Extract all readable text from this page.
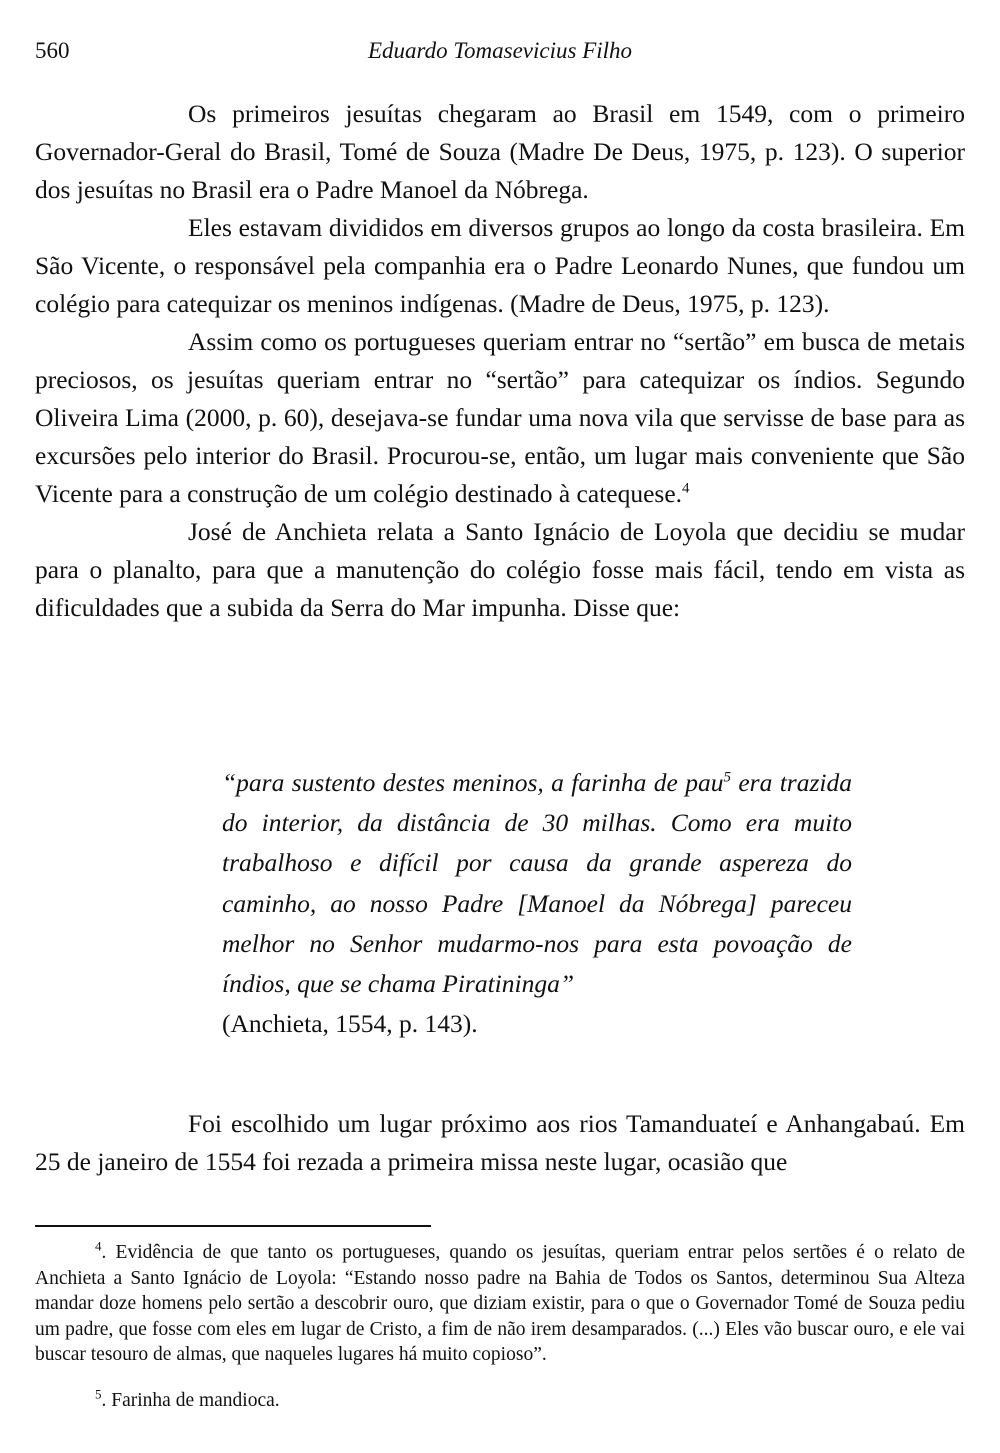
560	Eduardo Tomasevicius Filho

Os primeiros jesuítas chegaram ao Brasil em 1549, com o primeiro Governador-Geral do Brasil, Tomé de Souza (Madre De Deus, 1975, p. 123). O superior dos jesuítas no Brasil era o Padre Manoel da Nóbrega.

Eles estavam divididos em diversos grupos ao longo da costa brasileira. Em São Vicente, o responsável pela companhia era o Padre Leonardo Nunes, que fundou um colégio para catequizar os meninos indígenas. (Madre de Deus, 1975, p. 123).

Assim como os portugueses queriam entrar no “sertão” em busca de metais preciosos, os jesuítas queriam entrar no “sertão” para catequizar os índios. Segundo Oliveira Lima (2000, p. 60), desejava-se fundar uma nova vila que servisse de base para as excursões pelo interior do Brasil. Procurou-se, então, um lugar mais conveniente que São Vicente para a construção de um colégio destinado à catequese.$^4$

José de Anchieta relata a Santo Ignácio de Loyola que decidiu se mudar para o planalto, para que a manutenção do colégio fosse mais fácil, tendo em vista as dificuldades que a subida da Serra do Mar impunha. Disse que:

“para sustento destes meninos, a farinha de pau$^5$ era trazida do interior, da distância de 30 milhas. Como era muito trabalhoso e difícil por causa da grande aspereza do caminho, ao nosso Padre [Manoel da Nóbrega] pareceu melhor no Senhor mudarmo-nos para esta povoação de índios, que se chama Piratininga”

(Anchieta, 1554, p. 143).

Foi escolhido um lugar próximo aos rios Tamanduateí e Anhangabaú. Em 25 de janeiro de 1554 foi rezada a primeira missa neste lugar, ocasião que

$^4$. Evidência de que tanto os portugueses, quando os jesuítas, queriam entrar pelos sertões é o relato de Anchieta a Santo Ignácio de Loyola: “Estando nosso padre na Bahia de Todos os Santos, determinou Sua Alteza mandar doze homens pelo sertão a descobrir ouro, que diziam existir, para o que o Governador Tomé de Souza pediu um padre, que fosse com eles em lugar de Cristo, a fim de não irem desamparados. (...) Eles vão buscar ouro, e ele vai buscar tesouro de almas, que naqueles lugares há muito copioso”.

$^5$. Farinha de mandioca.
